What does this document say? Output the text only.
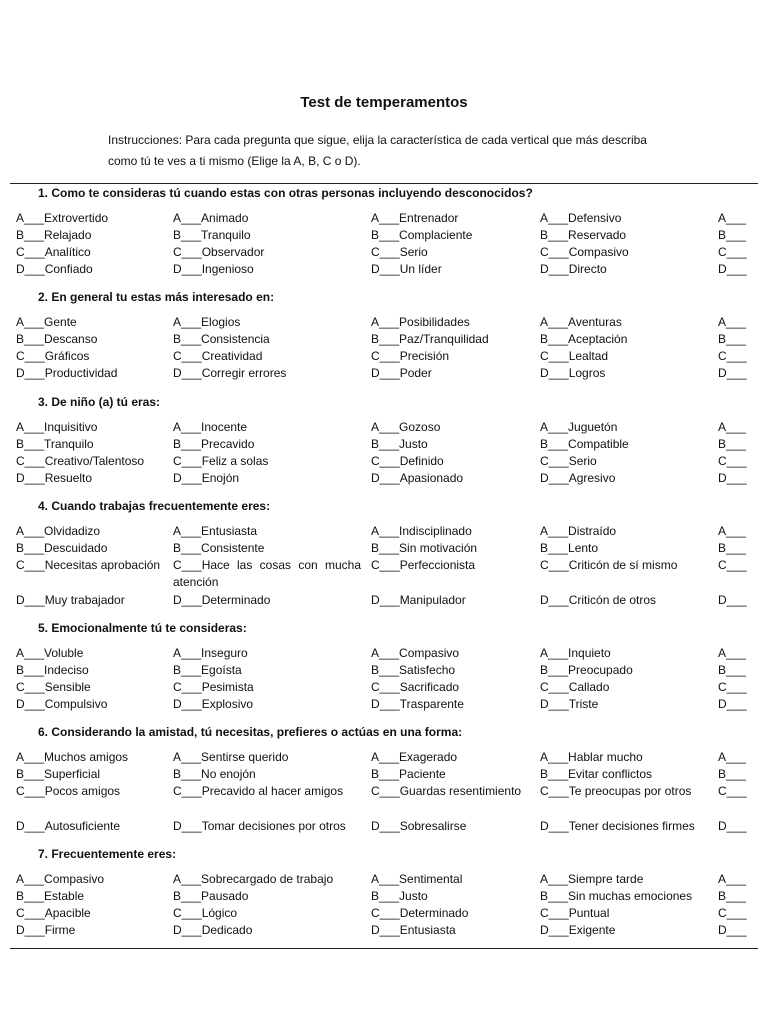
Test de temperamentos
Instrucciones: Para cada pregunta que sigue, elija la característica de cada vertical que más describa como tú te ves a ti mismo (Elige la A, B, C o D).
1. Como te consideras tú cuando estas con otras personas incluyendo desconocidos?
A___Extrovertido
B___Relajado
C___Analítico
D___Confiado
A___Animado
B___Tranquilo
C___Observador
D___Ingenioso
A___Entrenador
B___Complaciente
C___Serio
D___Un líder
A___Defensivo
B___Reservado
C___Compasivo
D___Directo
A___
B___
C___
D___
2. En general tu estas más interesado en:
A___Gente
B___Descanso
C___Gráficos
D___Productividad
A___Elogios
B___Consistencia
C___Creatividad
D___Corregir errores
A___Posibilidades
B___Paz/Tranquilidad
C___Precisión
D___Poder
A___Aventuras
B___Aceptación
C___Lealtad
D___Logros
A___
B___
C___
D___
3. De niño (a) tú eras:
A___Inquisitivo
B___Tranquilo
C___Creativo/Talentoso
D___Resuelto
A___Inocente
B___Precavido
C___Feliz a solas
D___Enojón
A___Gozoso
B___Justo
C___Definido
D___Apasionado
A___Juguetón
B___Compatible
C___Serio
D___Agresivo
A___
B___
C___
D___
4. Cuando trabajas frecuentemente eres:
A___Olvidadizo
B___Descuidado
C___Necesitas aprobación
D___Muy trabajador
A___Entusiasta
B___Consistente
C___Hace las cosas con mucha atención
D___Determinado
A___Indisciplinado
B___Sin motivación
C___Perfeccionista
D___Manipulador
A___Distraído
B___Lento
C___Criticón de sí mismo
D___Criticón de otros
A___
B___
C___
D___
5. Emocionalmente tú te consideras:
A___Voluble
B___Indeciso
C___Sensible
D___Compulsivo
A___Inseguro
B___Egoísta
C___Pesimista
D___Explosivo
A___Compasivo
B___Satisfecho
C___Sacrificado
D___Trasparente
A___Inquieto
B___Preocupado
C___Callado
D___Triste
A___
B___
C___
D___
6. Considerando la amistad, tú necesitas, prefieres o actúas en una forma:
A___Muchos amigos
B___Superficial
C___Pocos amigos
D___Autosuficiente
A___Sentirse querido
B___No enojón
C___Precavido al hacer amigos
D___Tomar decisiones por otros
A___Exagerado
B___Paciente
C___Guardas resentimiento
D___Sobresalirse
A___Hablar mucho
B___Evitar conflictos
C___Te preocupas por otros
D___Tener decisiones firmes
A___
B___
C___
D___
7. Frecuentemente eres:
A___Compasivo
B___Estable
C___Apacible
D___Firme
A___Sobrecargado de trabajo
B___Pausado
C___Lógico
D___Dedicado
A___Sentimental
B___Justo
C___Determinado
D___Entusiasta
A___Siempre tarde
B___Sin muchas emociones
C___Puntual
D___Exigente
A___
B___
C___
D___
